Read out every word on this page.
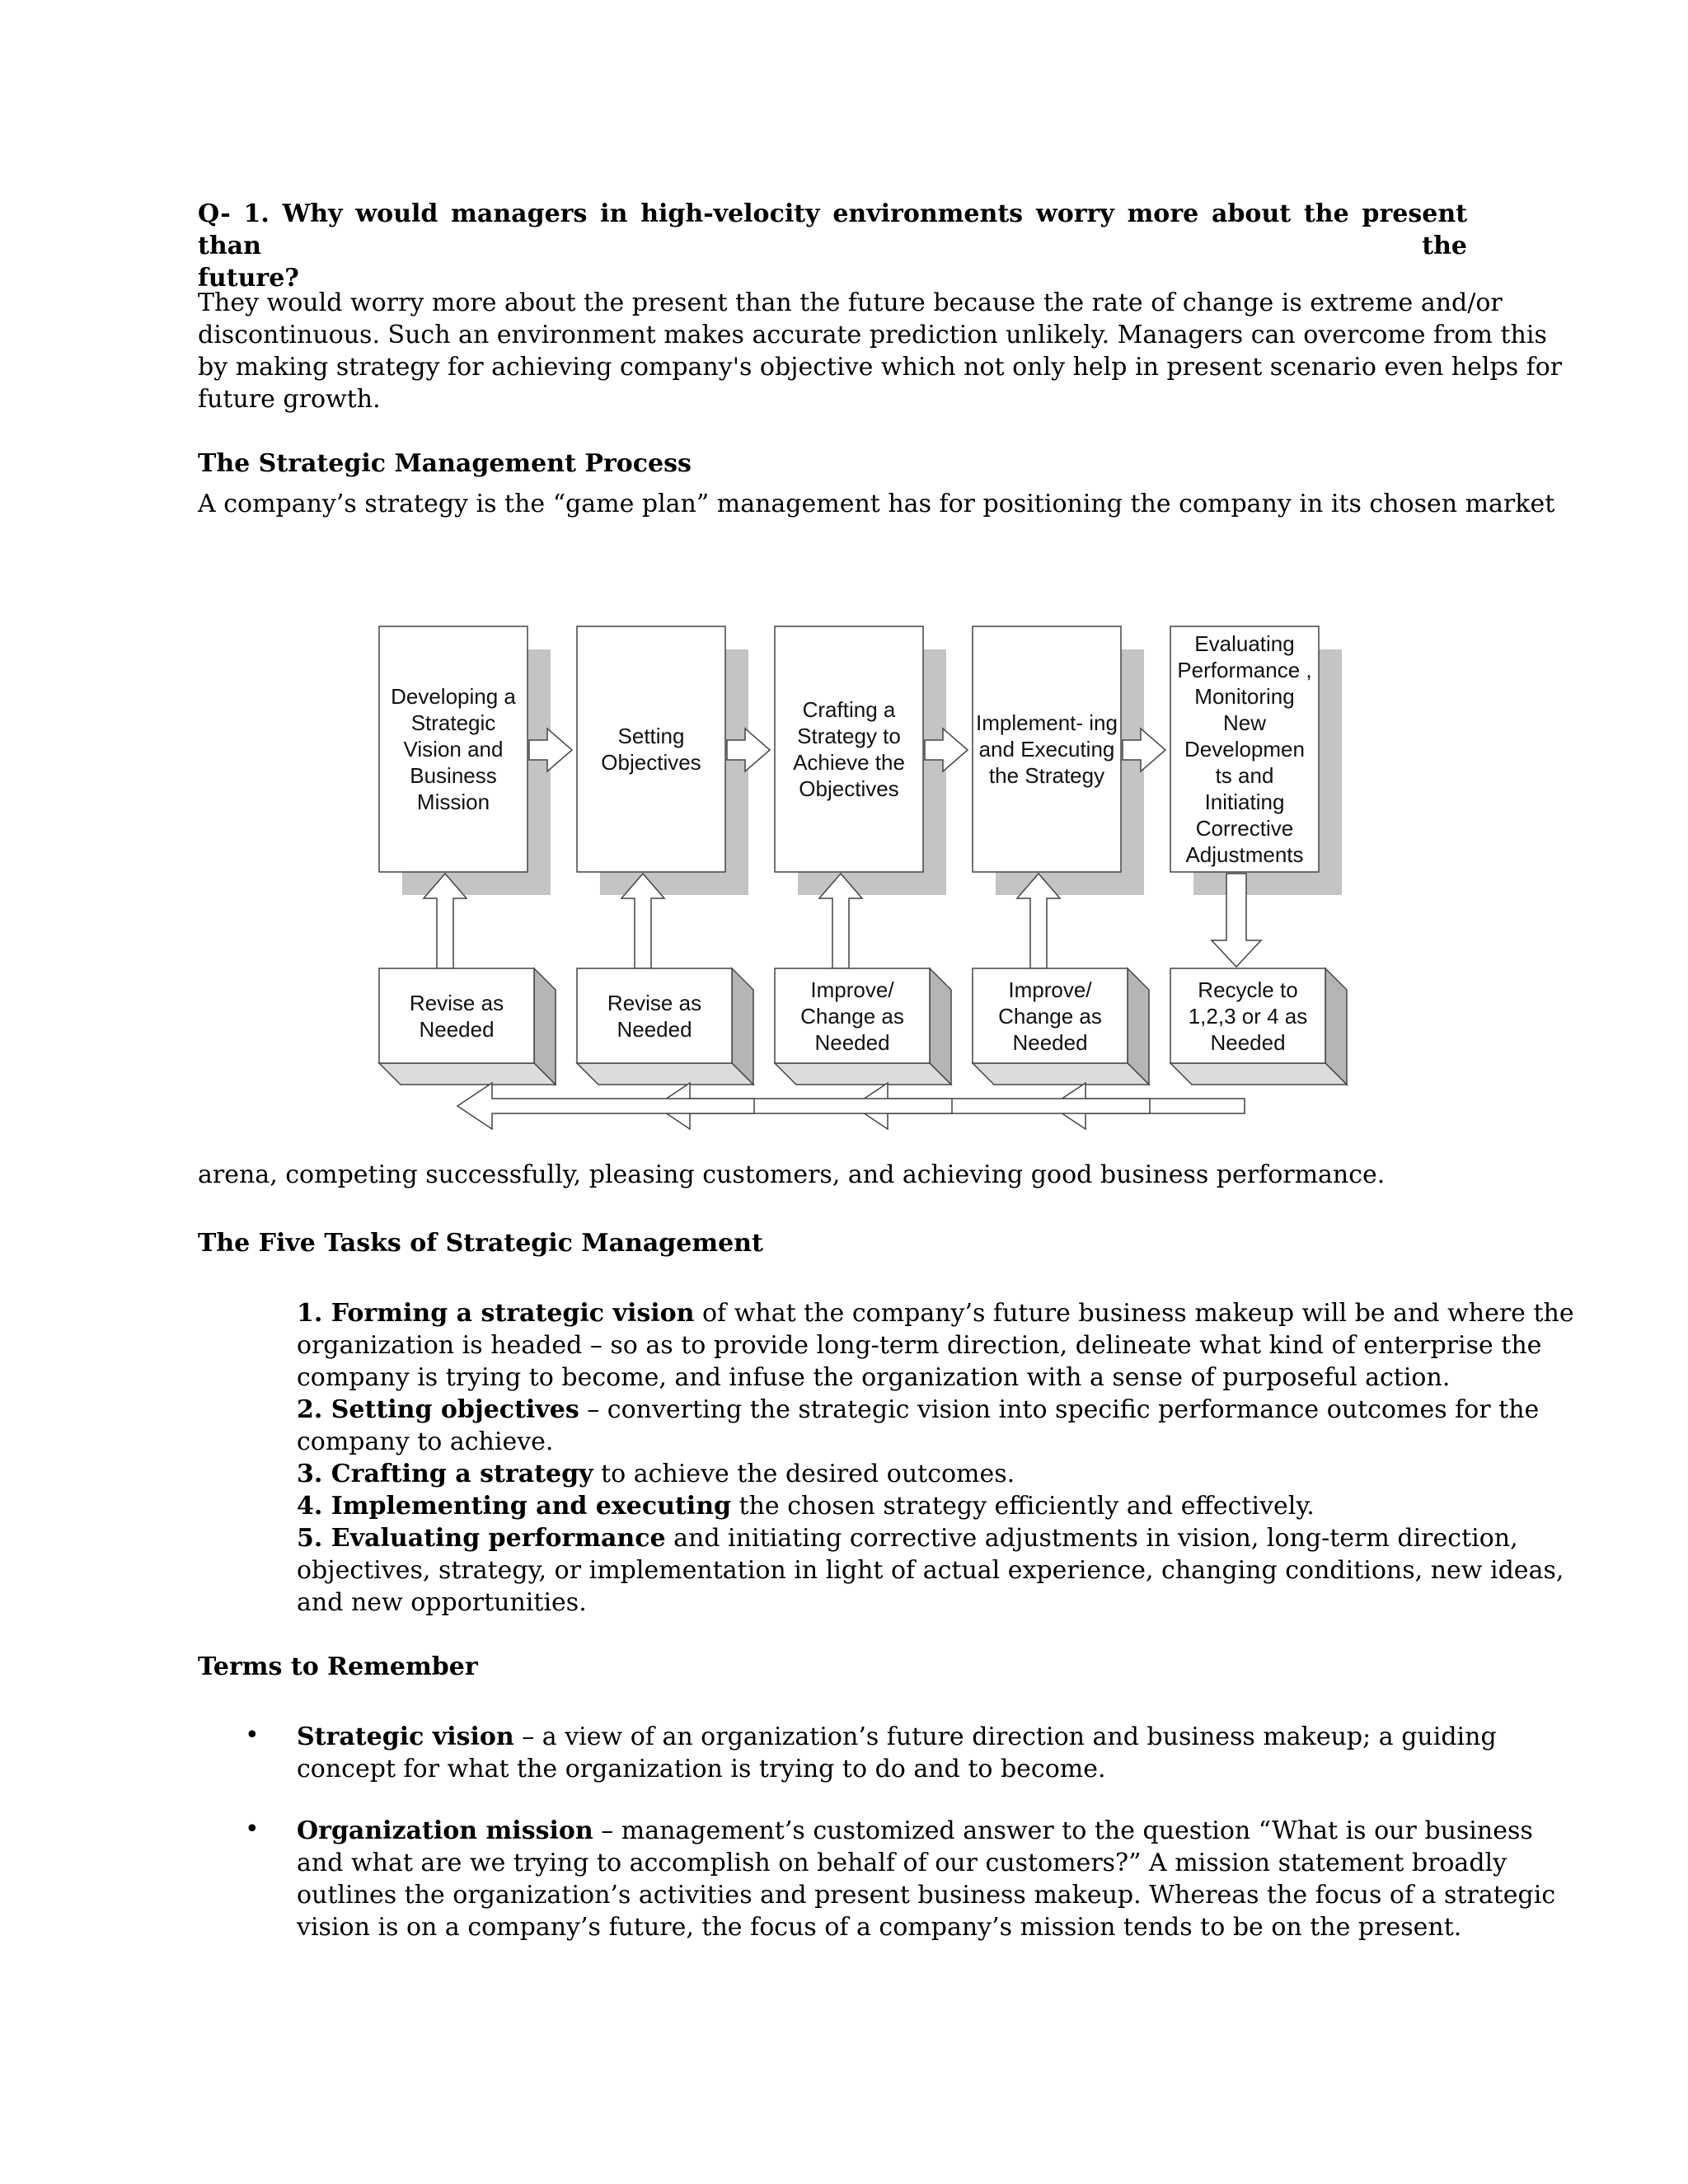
Q- 1. Why would managers in high-velocity environments worry more about the present than the
future?
They would worry more about the present than the future because the rate of change is extreme and/or
discontinuous. Such an environment makes accurate prediction unlikely. Managers can overcome from this
by making strategy for achieving company's objective which not only help in present scenario even helps for
future growth.
The Strategic Management Process
A company’s strategy is the “game plan” management has for positioning the company in its chosen market
Developing a Strategic Vision and Business Mission
Setting Objectives
Crafting a Strategy to Achieve the Objectives
Implement- ing and Executing the Strategy
Evaluating Performance , Monitoring New Developmen ts and Initiating Corrective Adjustments
Revise as Needed
Revise as Needed
Improve/ Change as Needed
Improve/ Change as Needed
Recycle to 1,2,3 or 4 as Needed
arena, competing successfully, pleasing customers, and achieving good business performance.
The Five Tasks of Strategic Management
1. Forming a strategic vision of what the company’s future business makeup will be and where the
organization is headed – so as to provide long-term direction, delineate what kind of enterprise the
company is trying to become, and infuse the organization with a sense of purposeful action.
2. Setting objectives – converting the strategic vision into specific performance outcomes for the
company to achieve.
3. Crafting a strategy to achieve the desired outcomes.
4. Implementing and executing the chosen strategy efficiently and effectively.
5. Evaluating performance and initiating corrective adjustments in vision, long-term direction,
objectives, strategy, or implementation in light of actual experience, changing conditions, new ideas,
and new opportunities.
Terms to Remember
• Strategic vision – a view of an organization’s future direction and business makeup; a guiding
concept for what the organization is trying to do and to become.
• Organization mission – management’s customized answer to the question “What is our business
and what are we trying to accomplish on behalf of our customers?” A mission statement broadly
outlines the organization’s activities and present business makeup. Whereas the focus of a strategic
vision is on a company’s future, the focus of a company’s mission tends to be on the present.
